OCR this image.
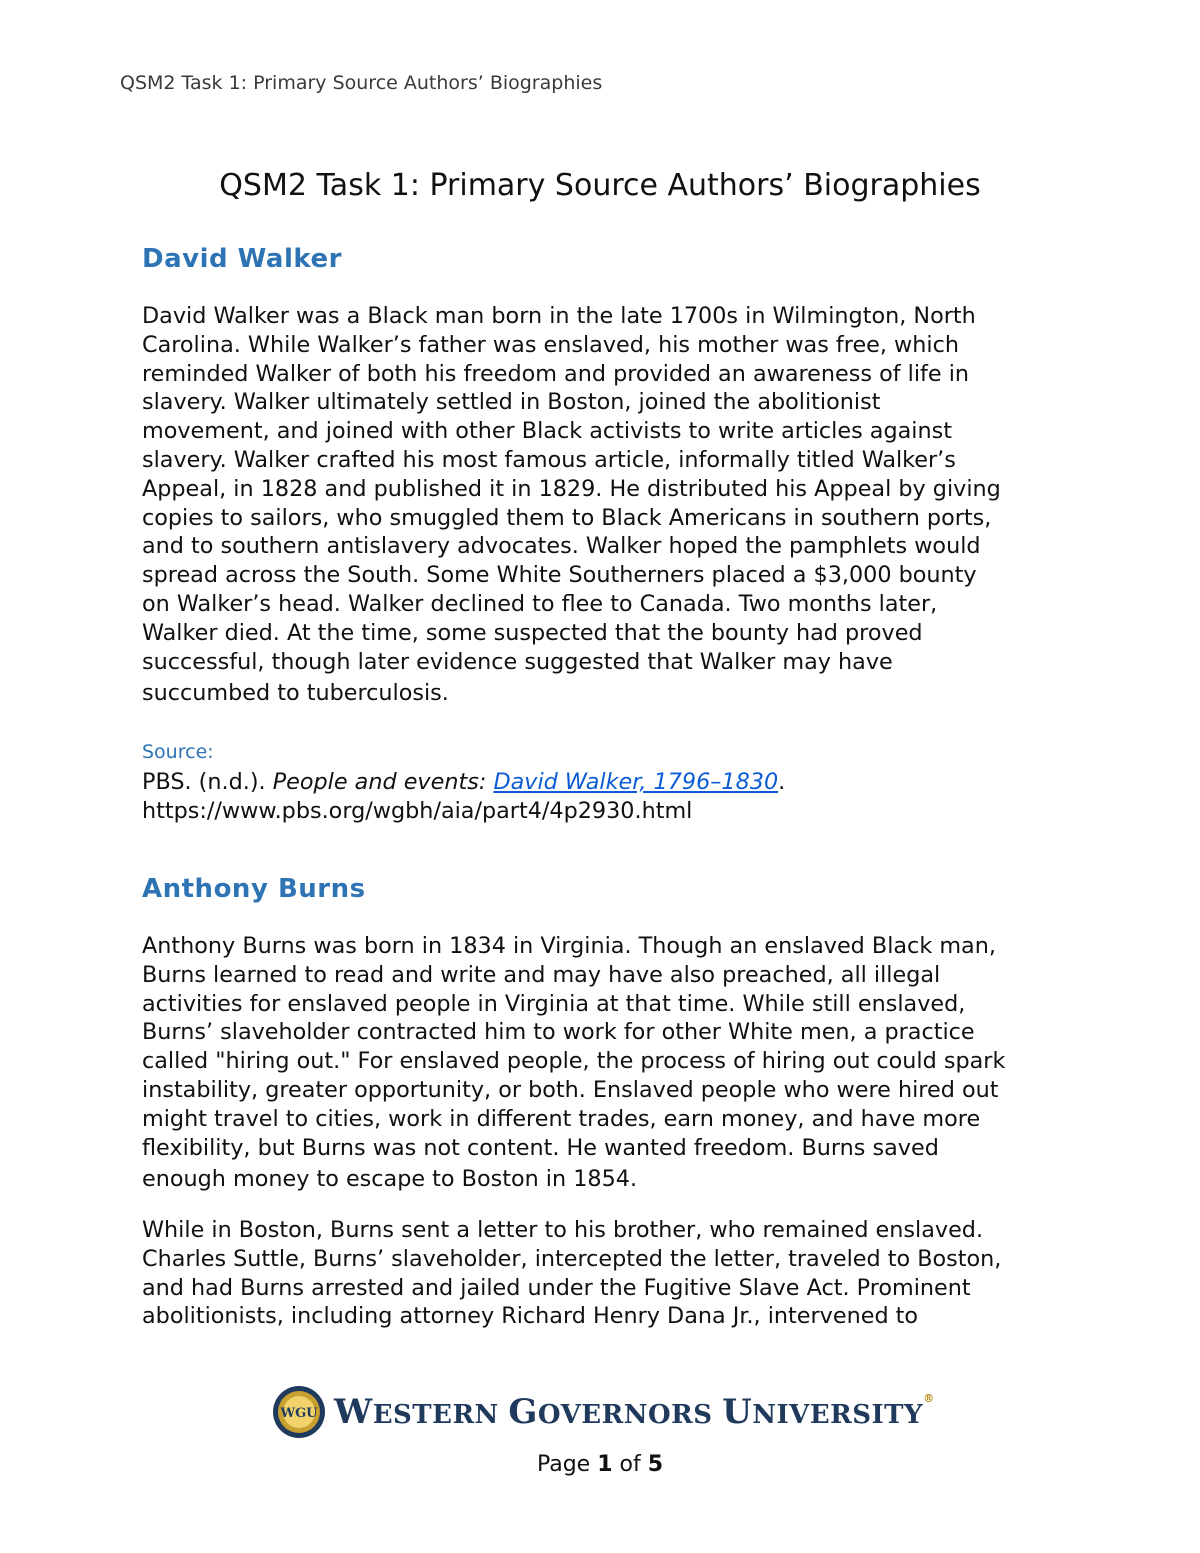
QSM2 Task 1: Primary Source Authors’ Biographies
QSM2 Task 1: Primary Source Authors’ Biographies
David Walker
David Walker was a Black man born in the late 1700s in Wilmington, North
Carolina. While Walker’s father was enslaved, his mother was free, which
reminded Walker of both his freedom and provided an awareness of life in
slavery. Walker ultimately settled in Boston, joined the abolitionist
movement, and joined with other Black activists to write articles against
slavery. Walker crafted his most famous article, informally titled Walker’s
Appeal, in 1828 and published it in 1829. He distributed his Appeal by giving
copies to sailors, who smuggled them to Black Americans in southern ports,
and to southern antislavery advocates. Walker hoped the pamphlets would
spread across the South. Some White Southerners placed a $3,000 bounty
on Walker’s head. Walker declined to flee to Canada. Two months later,
Walker died. At the time, some suspected that the bounty had proved
successful, though later evidence suggested that Walker may have
succumbed to tuberculosis.
Source:
PBS. (n.d.). People and events: David Walker, 1796–1830.
https://www.pbs.org/wgbh/aia/part4/4p2930.html
Anthony Burns
Anthony Burns was born in 1834 in Virginia. Though an enslaved Black man,
Burns learned to read and write and may have also preached, all illegal
activities for enslaved people in Virginia at that time. While still enslaved,
Burns’ slaveholder contracted him to work for other White men, a practice
called "hiring out." For enslaved people, the process of hiring out could spark
instability, greater opportunity, or both. Enslaved people who were hired out
might travel to cities, work in different trades, earn money, and have more
flexibility, but Burns was not content. He wanted freedom. Burns saved
enough money to escape to Boston in 1854.
While in Boston, Burns sent a letter to his brother, who remained enslaved.
Charles Suttle, Burns’ slaveholder, intercepted the letter, traveled to Boston,
and had Burns arrested and jailed under the Fugitive Slave Act. Prominent
abolitionists, including attorney Richard Henry Dana Jr., intervened to
WGU WESTERN GOVERNORS UNIVERSITY®
Page 1 of 5
